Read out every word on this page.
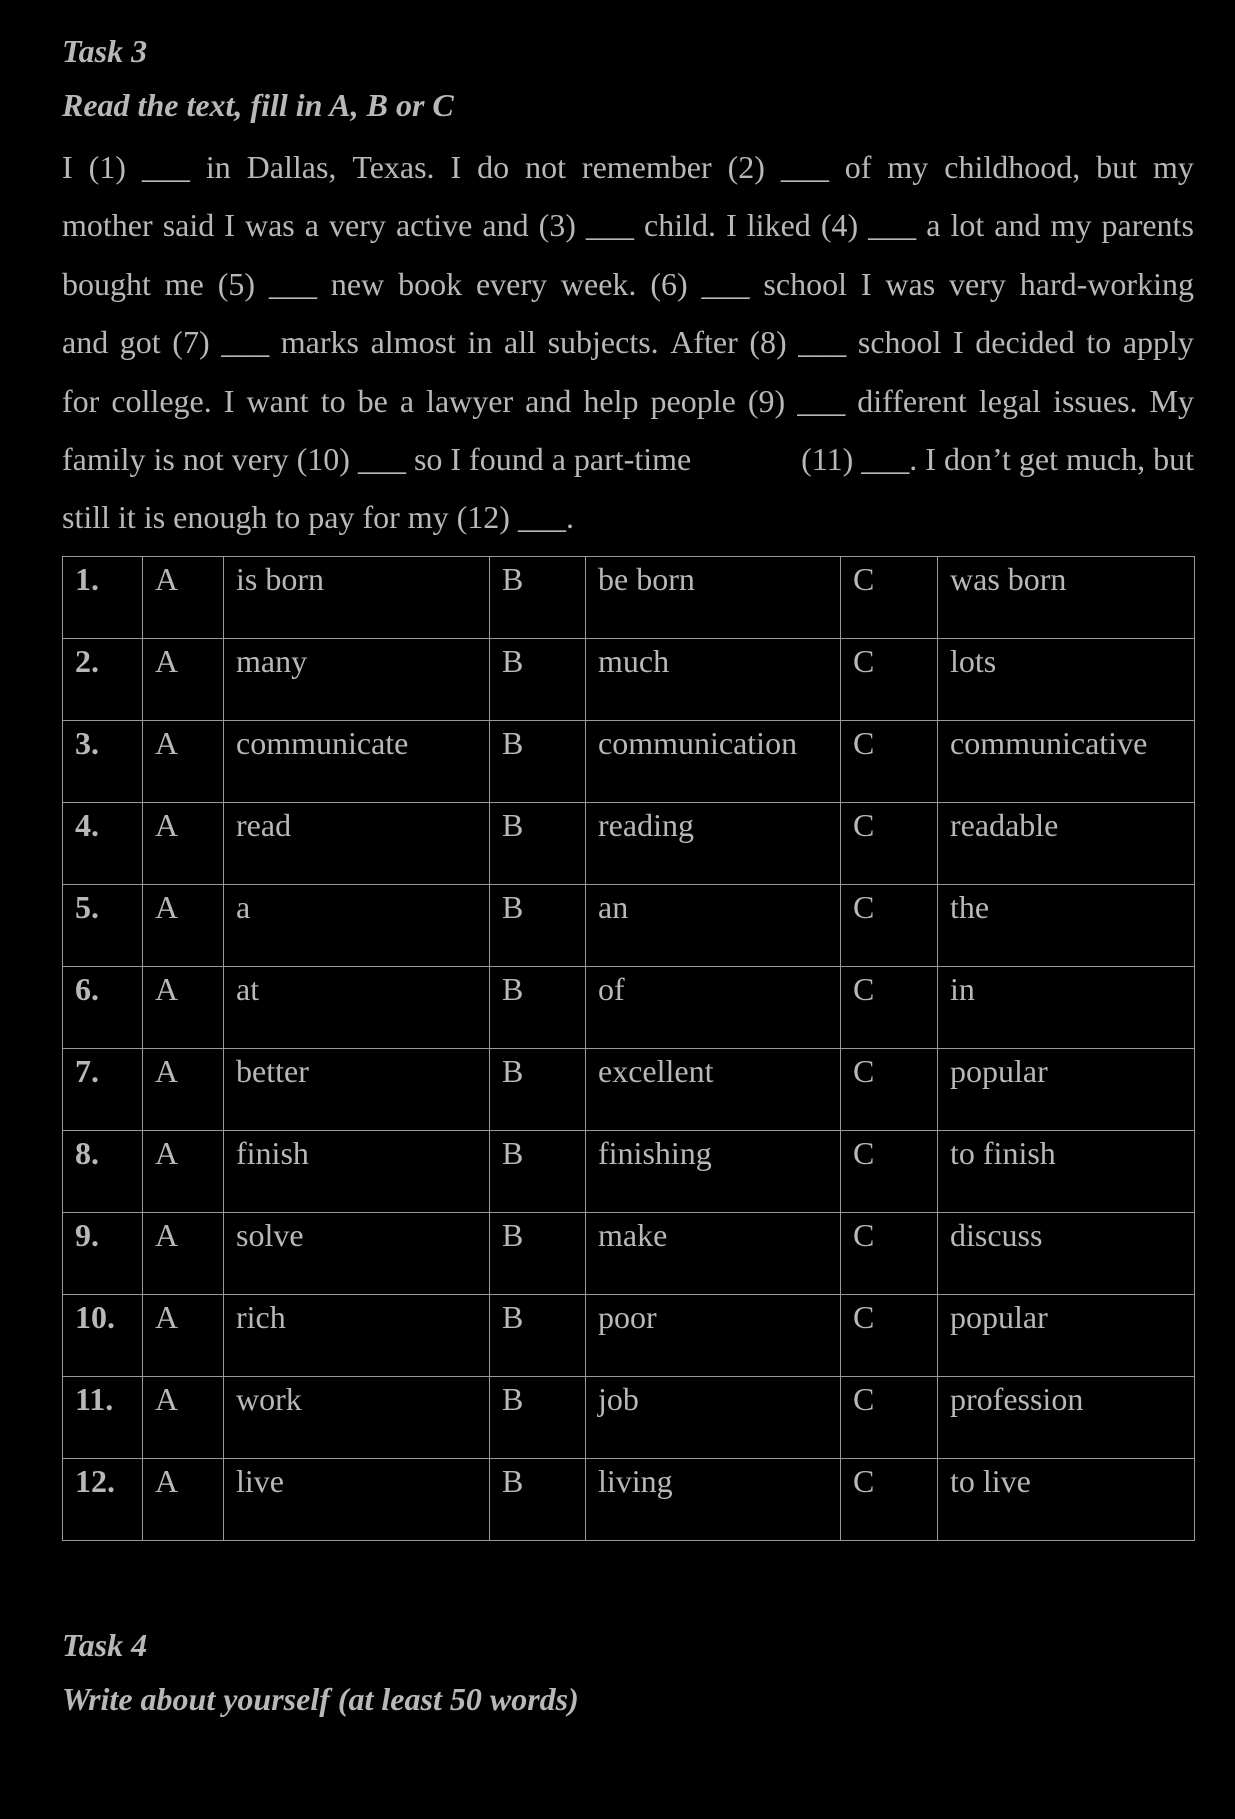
Task 3
Read the text, fill in A, B or C
I (1) ___ in Dallas, Texas. I do not remember (2) ___ of my childhood, but my
mother said I was a very active and (3) ___ child. I liked (4) ___ a lot and my parents
bought me (5) ___ new book every week. (6) ___ school I was very hard-working
and got (7) ___ marks almost in all subjects. After (8) ___ school I decided to apply
for college. I want to be a lawyer and help people (9) ___ different legal issues. My
family is not very (10) ___ so I found a part-time	(11) ___. I don’t get much, but
still it is enough to pay for my (12) ___.
1.	A	is born	B	be born	C	was born
2.	A	many	B	much	C	lots
3.	A	communicate	B	communication	C	communicative
4.	A	read	B	reading	C	readable
5.	A	a	B	an	C	the
6.	A	at	B	of	C	in
7.	A	better	B	excellent	C	popular
8.	A	finish	B	finishing	C	to finish
9.	A	solve	B	make	C	discuss
10.	A	rich	B	poor	C	popular
11.	A	work	B	job	C	profession
12.	A	live	B	living	C	to live
Task 4
Write about yourself (at least 50 words)
